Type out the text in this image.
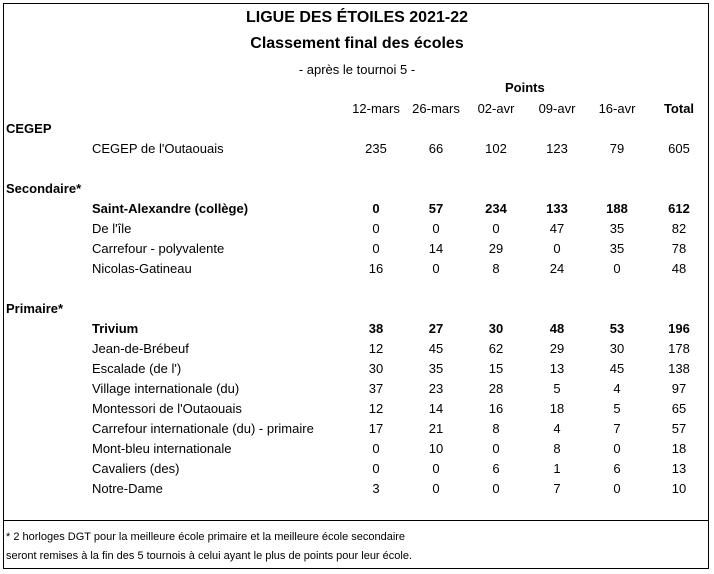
LIGUE DES ÉTOILES 2021-22
Classement final des écoles
- après le tournoi 5 -
Points
12-mars 26-mars	02-avr	09-avr	16-avr	Total
CEGEP
CEGEP de l'Outaouais	235	66	102	123	79	605
Secondaire*
Saint-Alexandre (collège)	0	57	234	133	188	612
De l'île	0	0	0	47	35	82
Carrefour - polyvalente	0	14	29	0	35	78
Nicolas-Gatineau	16	0	8	24	0	48
Primaire*
Trivium	38	27	30	48	53	196
Jean-de-Brébeuf	12	45	62	29	30	178
Escalade (de l')	30	35	15	13	45	138
Village internationale (du)	37	23	28	5	4	97
Montessori de l'Outaouais	12	14	16	18	5	65
Carrefour internationale (du) - primaire	17	21	8	4	7	57
Mont-bleu internationale	0	10	0	8	0	18
Cavaliers (des)	0	0	6	1	6	13
Notre-Dame	3	0	0	7	0	10
* 2 horloges DGT pour la meilleure école primaire et la meilleure école secondaire
seront remises à la fin des 5 tournois à celui ayant le plus de points pour leur école.
